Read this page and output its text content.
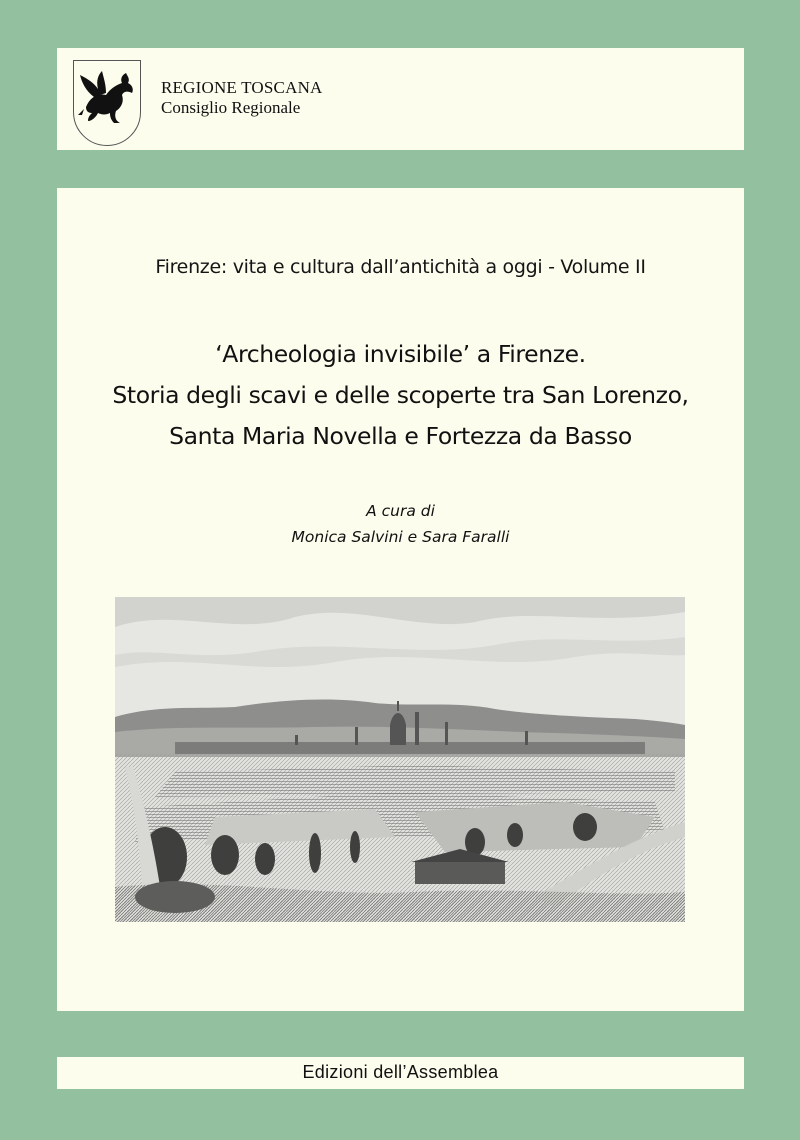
REGIONE TOSCANA
Consiglio Regionale
Firenze: vita e cultura dall’antichità a oggi - Volume II
‘Archeologia invisibile’ a Firenze.
Storia degli scavi e delle scoperte tra San Lorenzo,
Santa Maria Novella e Fortezza da Basso
A cura di
Monica Salvini e Sara Faralli
Edizioni dell’Assemblea
